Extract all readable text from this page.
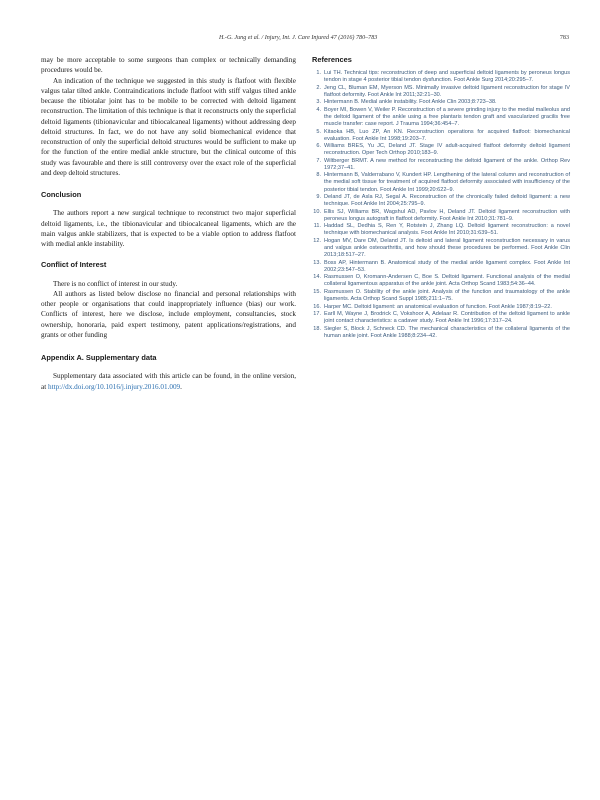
H.-G. Jung et al. / Injury, Int. J. Care Injured 47 (2016) 780–783	783

may be more acceptable to some surgeons than complex or technically demanding procedures would be.

An indication of the technique we suggested in this study is flatfoot with flexible valgus talar tilted ankle. Contraindications include flatfoot with stiff valgus tilted ankle because the tibiotalar joint has to be mobile to be corrected with deltoid ligament reconstruction. The limitation of this technique is that it reconstructs only the superficial deltoid ligaments (tibionavicular and tibiocalcaneal ligaments) without addressing deep deltoid structures. In fact, we do not have any solid biomechanical evidence that reconstruction of only the superficial deltoid structures would be sufficient to make up for the function of the entire medial ankle structure, but the clinical outcome of this study was favourable and there is still controversy over the exact role of the superficial and deep deltoid structures.

Conclusion

The authors report a new surgical technique to reconstruct two major superficial deltoid ligaments, i.e., the tibionavicular and tibiocalcaneal ligaments, which are the main valgus ankle stabilizers, that is expected to be a viable option to address flatfoot with medial ankle instability.

Conflict of Interest

There is no conflict of interest in our study.

All authors as listed below disclose no financial and personal relationships with other people or organisations that could inappropriately influence (bias) our work. Conflicts of interest, here we disclose, include employment, consultancies, stock ownership, honoraria, paid expert testimony, patent applications/registrations, and grants or other funding

Appendix A. Supplementary data

Supplementary data associated with this article can be found, in the online version, at http://dx.doi.org/10.1016/j.injury.2016.01.009.

References

1. Lui TH. Technical tips: reconstruction of deep and superficial deltoid ligaments by peroneus longus tendon in stage 4 posterior tibial tendon dysfunction. Foot Ankle Surg 2014;20:295–7.
2. Jeng CL, Bluman EM, Myerson MS. Minimally invasive deltoid ligament reconstruction for stage IV flatfoot deformity. Foot Ankle Int 2011;32:21–30.
3. Hintermann B. Medial ankle instability. Foot Ankle Clin 2003;8:723–38.
4. Boyer MI, Bowen V, Weiler P. Reconstruction of a severe grinding injury to the medial malleolus and the deltoid ligament of the ankle using a free plantaris tendon graft and vascularized gracilis free muscle transfer: case report. J Trauma 1994;36:454–7.
5. Kitaoka HB, Luo ZP, An KN. Reconstruction operations for acquired flatfoot: biomechanical evaluation. Foot Ankle Int 1998;19:203–7.
6. Williams BRES, Yu JC, Deland JT. Stage IV adult-acquired flatfoot deformity deltoid ligament reconstruction. Oper Tech Orthop 2010;183–9.
7. Wiltberger BRMT. A new method for reconstructing the deltoid ligament of the ankle. Orthop Rev 1972;37–41.
8. Hintermann B, Valderrabano V, Kundert HP. Lengthening of the lateral column and reconstruction of the medial soft tissue for treatment of acquired flatfoot deformity associated with insufficiency of the posterior tibial tendon. Foot Ankle Int 1999;20:622–9.
9. Deland JT, de Asla RJ, Segal A. Reconstruction of the chronically failed deltoid ligament: a new technique. Foot Ankle Int 2004;25:795–9.
10. Ellis SJ, Williams BR, Wagshul AD, Pavlov H, Deland JT. Deltoid ligament reconstruction with peroneus longus autograft in flatfoot deformity. Foot Ankle Int 2010;31:781–9.
11. Haddad SL, Dedhia S, Ren Y, Rotstein J, Zhang LQ. Deltoid ligament reconstruction: a novel technique with biomechanical analysis. Foot Ankle Int 2010;31:639–51.
12. Hogan MV, Dare DM, Deland JT. Is deltoid and lateral ligament reconstruction necessary in varus and valgus ankle osteoarthritis, and how should these procedures be performed. Foot Ankle Clin 2013;18:517–27.
13. Boss AP, Hintermann B. Anatomical study of the medial ankle ligament complex. Foot Ankle Int 2002;23:547–53.
14. Rasmussen O, Kromann-Andersen C, Boe S. Deltoid ligament. Functional analysis of the medial collateral ligamentous apparatus of the ankle joint. Acta Orthop Scand 1983;54:36–44.
15. Rasmussen O. Stability of the ankle joint. Analysis of the function and traumatology of the ankle ligaments. Acta Orthop Scand Suppl 1985;211:1–75.
16. Harper MC. Deltoid ligament: an anatomical evaluation of function. Foot Ankle 1987;8:19–22.
17. Earll M, Wayne J, Brodrick C, Vokshoor A, Adelaar R. Contribution of the deltoid ligament to ankle joint contact characteristics: a cadaver study. Foot Ankle Int 1996;17:317–24.
18. Siegler S, Block J, Schneck CD. The mechanical characteristics of the collateral ligaments of the human ankle joint. Foot Ankle 1988;8:234–42.
